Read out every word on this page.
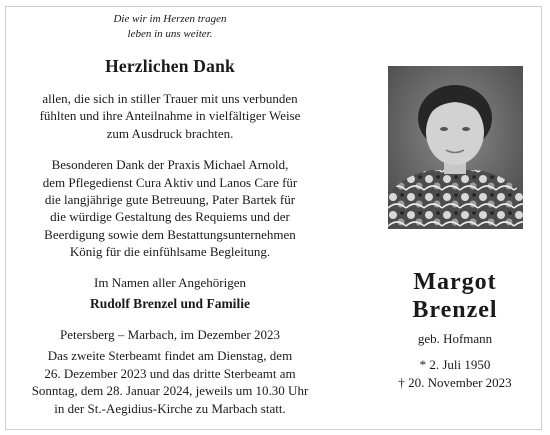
Die wir im Herzen tragen

leben in uns weiter.

Herzlichen Dank

allen, die sich in stiller Trauer mit uns verbunden

fühlten und ihre Anteilnahme in vielfältiger Weise

zum Ausdruck brachten.

Besonderen Dank der Praxis Michael Arnold,

dem Pflegedienst Cura Aktiv und Lanos Care für

die langjährige gute Betreuung, Pater Bartek für

die würdige Gestaltung des Requiems und der

Beerdigung sowie dem Bestattungsunternehmen

König für die einfühlsame Begleitung.

Im Namen aller Angehörigen

Rudolf Brenzel und Familie

Petersberg – Marbach, im Dezember 2023

Das zweite Sterbeamt findet am Dienstag, dem

26. Dezember 2023 und das dritte Sterbeamt am

Sonntag, dem 28. Januar 2024, jeweils um 10.30 Uhr

in der St.-Aegidius-Kirche zu Marbach statt.

Margot

Brenzel

geb. Hofmann

* 2. Juli 1950

† 20. November 2023
